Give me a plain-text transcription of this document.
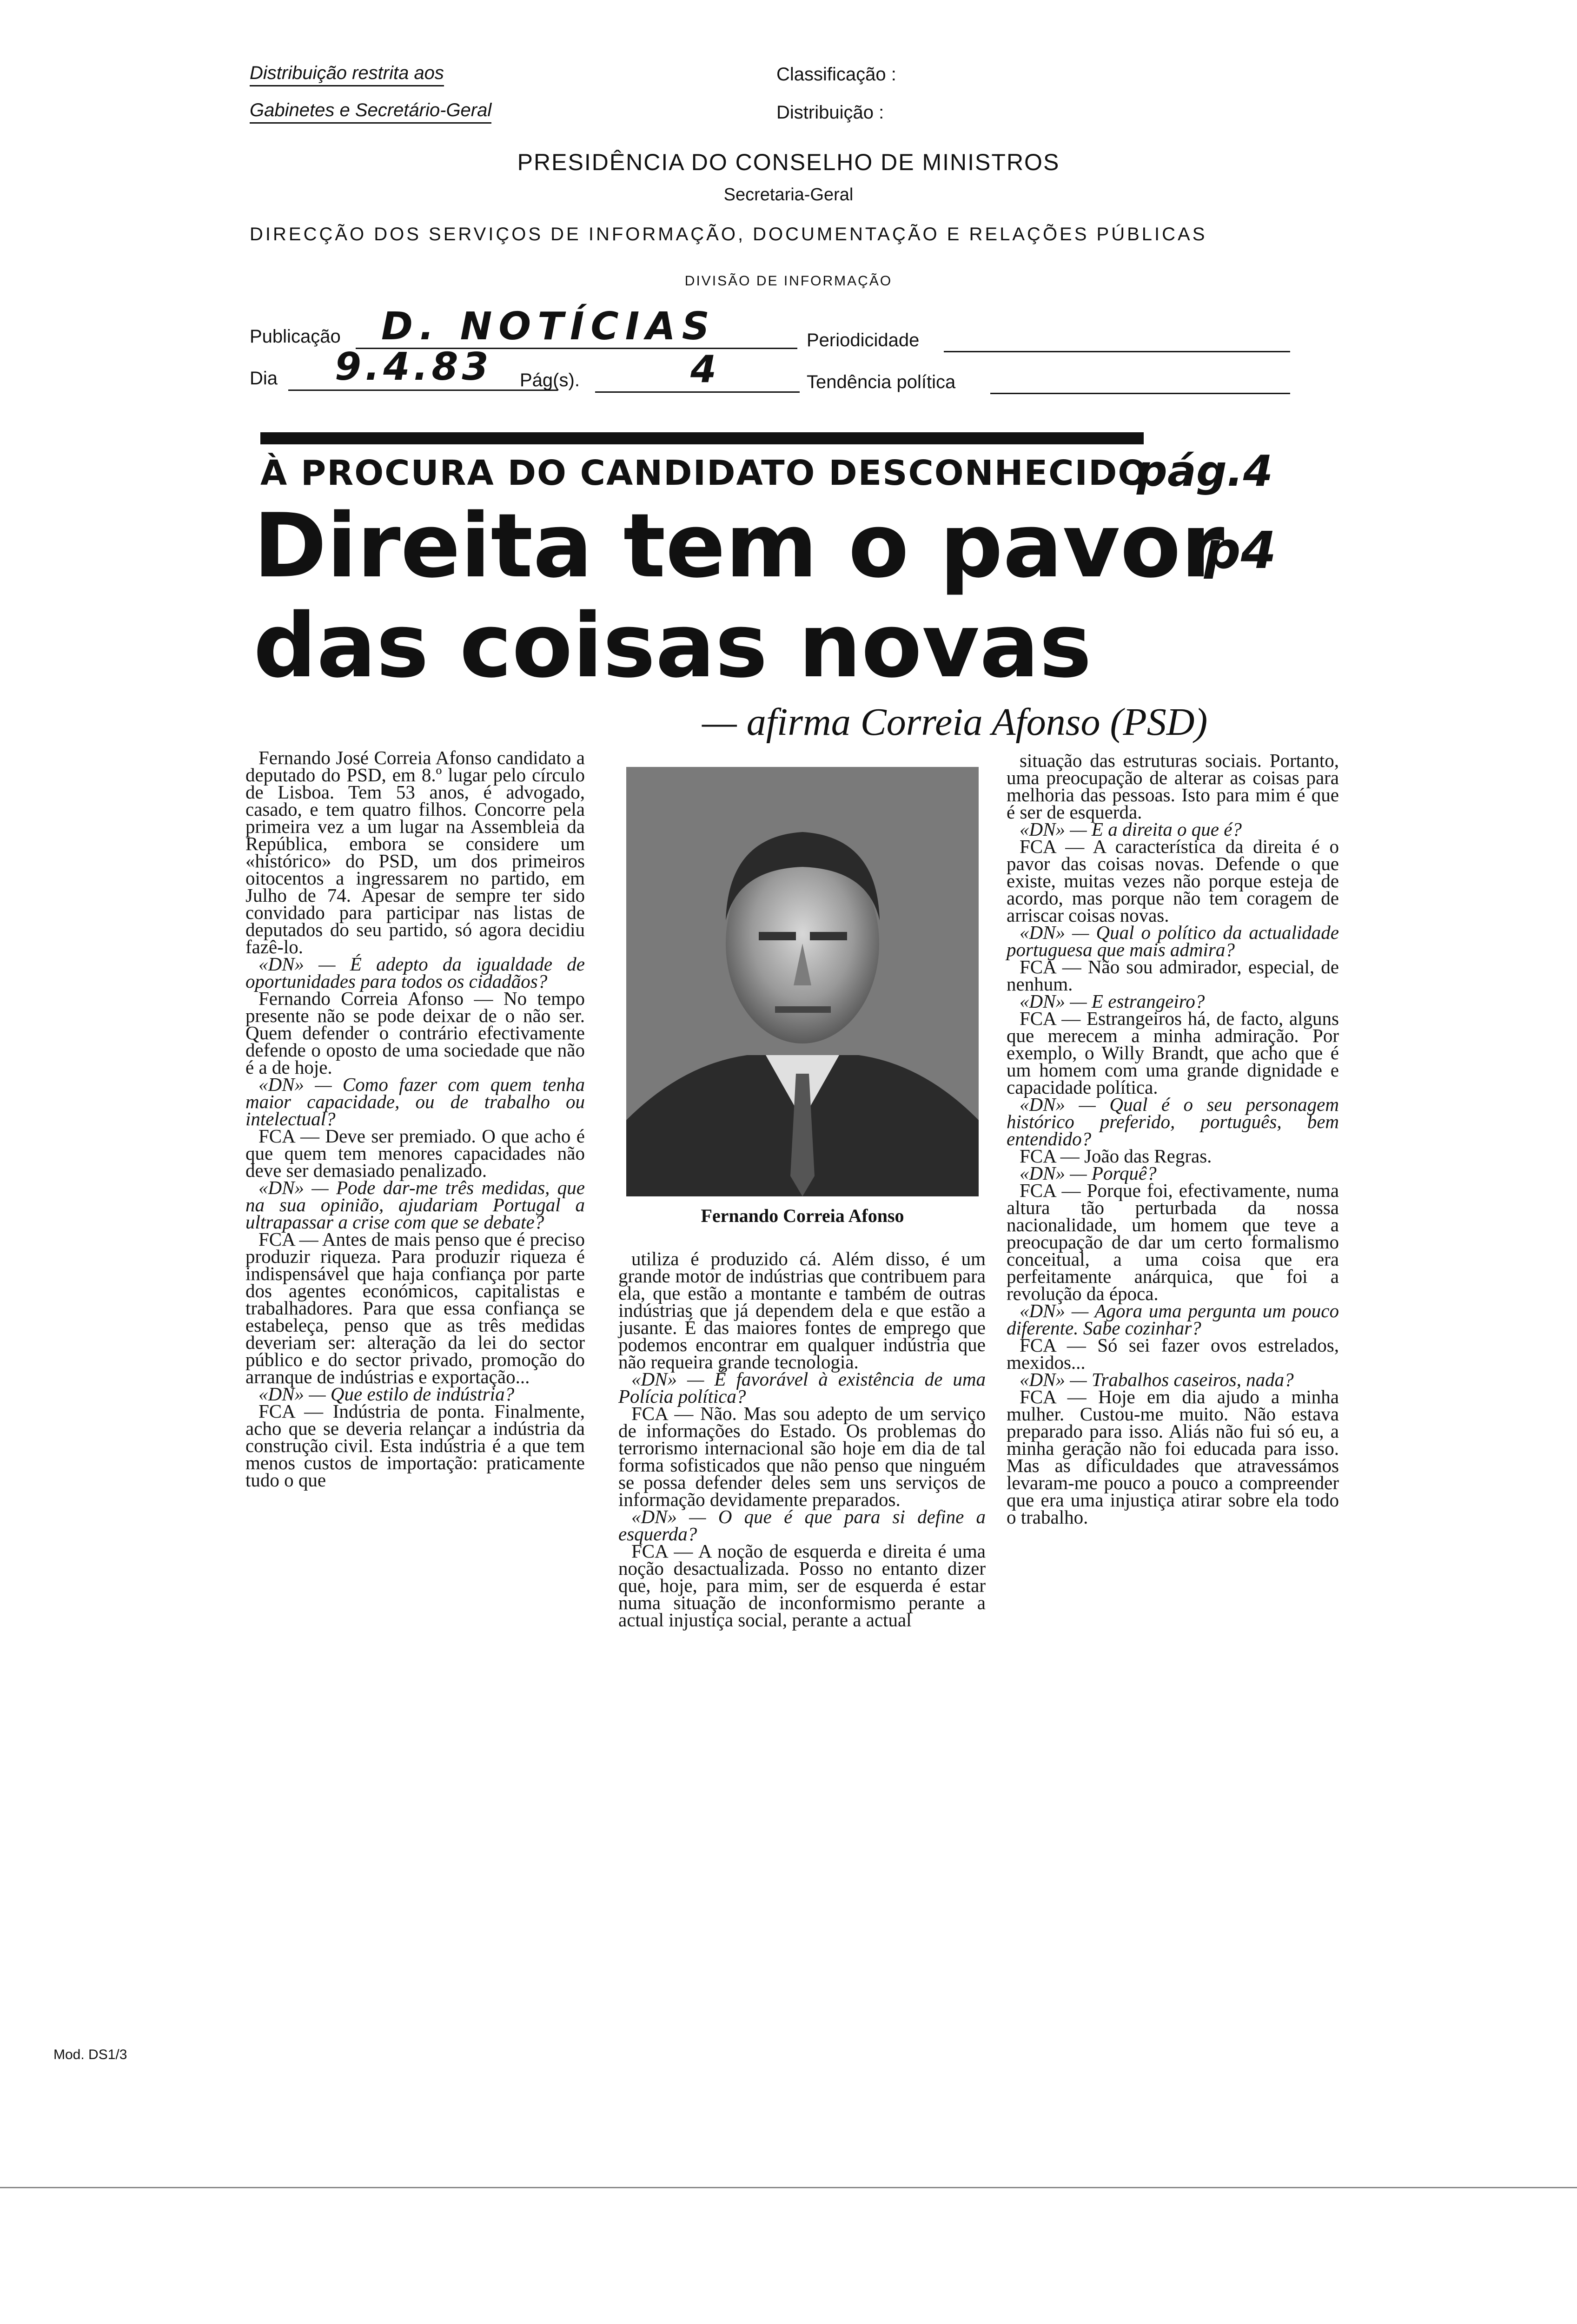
Distribuição restrita aos
Gabinetes e Secretário-Geral
Classificação :
Distribuição :
PRESIDÊNCIA DO CONSELHO DE MINISTROS
Secretaria-Geral
DIRECÇÃO DOS SERVIÇOS DE INFORMAÇÃO, DOCUMENTAÇÃO E RELAÇÕES PÚBLICAS
DIVISÃO DE INFORMAÇÃO
Publicação D. NOTÍCIAS	Periodicidade
Dia 9.4.83 Pág(s).	4	Tendência política
À PROCURA DO CANDIDATO DESCONHECIDO
pág.4
Direita tem o pavor
p4
das coisas novas
— afirma Correia Afonso (PSD)

Fernando José Correia Afonso candidato a deputado do PSD, em 8.º lugar pelo círculo de Lisboa. Tem 53 anos, é advogado, casado, e tem quatro filhos. Concorre pela primeira vez a um lugar na Assembleia da República, embora se considere um «histórico» do PSD, um dos primeiros oitocentos a ingressarem no partido, em Julho de 74. Apesar de sempre ter sido convidado para participar nas listas de deputados do seu partido, só agora decidiu fazê-lo.

«DN» — É adepto da igualdade de oportunidades para todos os cidadãos?

Fernando Correia Afonso — No tempo presente não se pode deixar de o não ser. Quem defender o contrário efectivamente defende o oposto de uma sociedade que não é a de hoje.

«DN» — Como fazer com quem tenha maior capacidade, ou de trabalho ou intelectual?

FCA — Deve ser premiado. O que acho é que quem tem menores capacidades não deve ser demasiado penalizado.

«DN» — Pode dar-me três medidas, que na sua opinião, ajudariam Portugal a ultrapassar a crise com que se debate?

FCA — Antes de mais penso que é preciso produzir riqueza. Para produzir riqueza é indispensável que haja confiança por parte dos agentes económicos, capitalistas e trabalhadores. Para que essa confiança se estabeleça, penso que as três medidas deveriam ser: alteração da lei do sector público e do sector privado, promoção do arranque de indústrias e exportação...

«DN» — Que estilo de indústria?

FCA — Indústria de ponta. Finalmente, acho que se deveria relançar a indústria da construção civil. Esta indústria é a que tem menos custos de importação: praticamente tudo o que

Fernando Correia Afonso

utiliza é produzido cá. Além disso, é um grande motor de indústrias que contribuem para ela, que estão a montante e também de outras indústrias que já dependem dela e que estão a jusante. É das maiores fontes de emprego que podemos encontrar em qualquer indústria que não requeira grande tecnologia.

«DN» — É favorável à existência de uma Polícia política?

FCA — Não. Mas sou adepto de um serviço de informações do Estado. Os problemas do terrorismo internacional são hoje em dia de tal forma sofisticados que não penso que ninguém se possa defender deles sem uns serviços de informação devidamente preparados.

«DN» — O que é que para si define a esquerda?

FCA — A noção de esquerda e direita é uma noção desactualizada. Posso no entanto dizer que, hoje, para mim, ser de esquerda é estar numa situação de inconformismo perante a actual injustiça social, perante a actual

situação das estruturas sociais. Portanto, uma preocupação de alterar as coisas para melhoria das pessoas. Isto para mim é que é ser de esquerda.

«DN» — E a direita o que é?

FCA — A característica da direita é o pavor das coisas novas. Defende o que existe, muitas vezes não porque esteja de acordo, mas porque não tem coragem de arriscar coisas novas.

«DN» — Qual o político da actualidade portuguesa que mais admira?

FCA — Não sou admirador, especial, de nenhum.

«DN» — E estrangeiro?

FCA — Estrangeiros há, de facto, alguns que merecem a minha admiração. Por exemplo, o Willy Brandt, que acho que é um homem com uma grande dignidade e capacidade política.

«DN» — Qual é o seu personagem histórico preferido, português, bem entendido?

FCA — João das Regras.

«DN» — Porquê?

FCA — Porque foi, efectivamente, numa altura tão perturbada da nossa nacionalidade, um homem que teve a preocupação de dar um certo formalismo conceitual, a uma coisa que era perfeitamente anárquica, que foi a revolução da época.

«DN» — Agora uma pergunta um pouco diferente. Sabe cozinhar?

FCA — Só sei fazer ovos estrelados, mexidos...

«DN» — Trabalhos caseiros, nada?

FCA — Hoje em dia ajudo a minha mulher. Custou-me muito. Não estava preparado para isso. Aliás não fui só eu, a minha geração não foi educada para isso. Mas as dificuldades que atravessámos levaram-me pouco a pouco a compreender que era uma injustiça atirar sobre ela todo o trabalho.

Mod. DS1/3
